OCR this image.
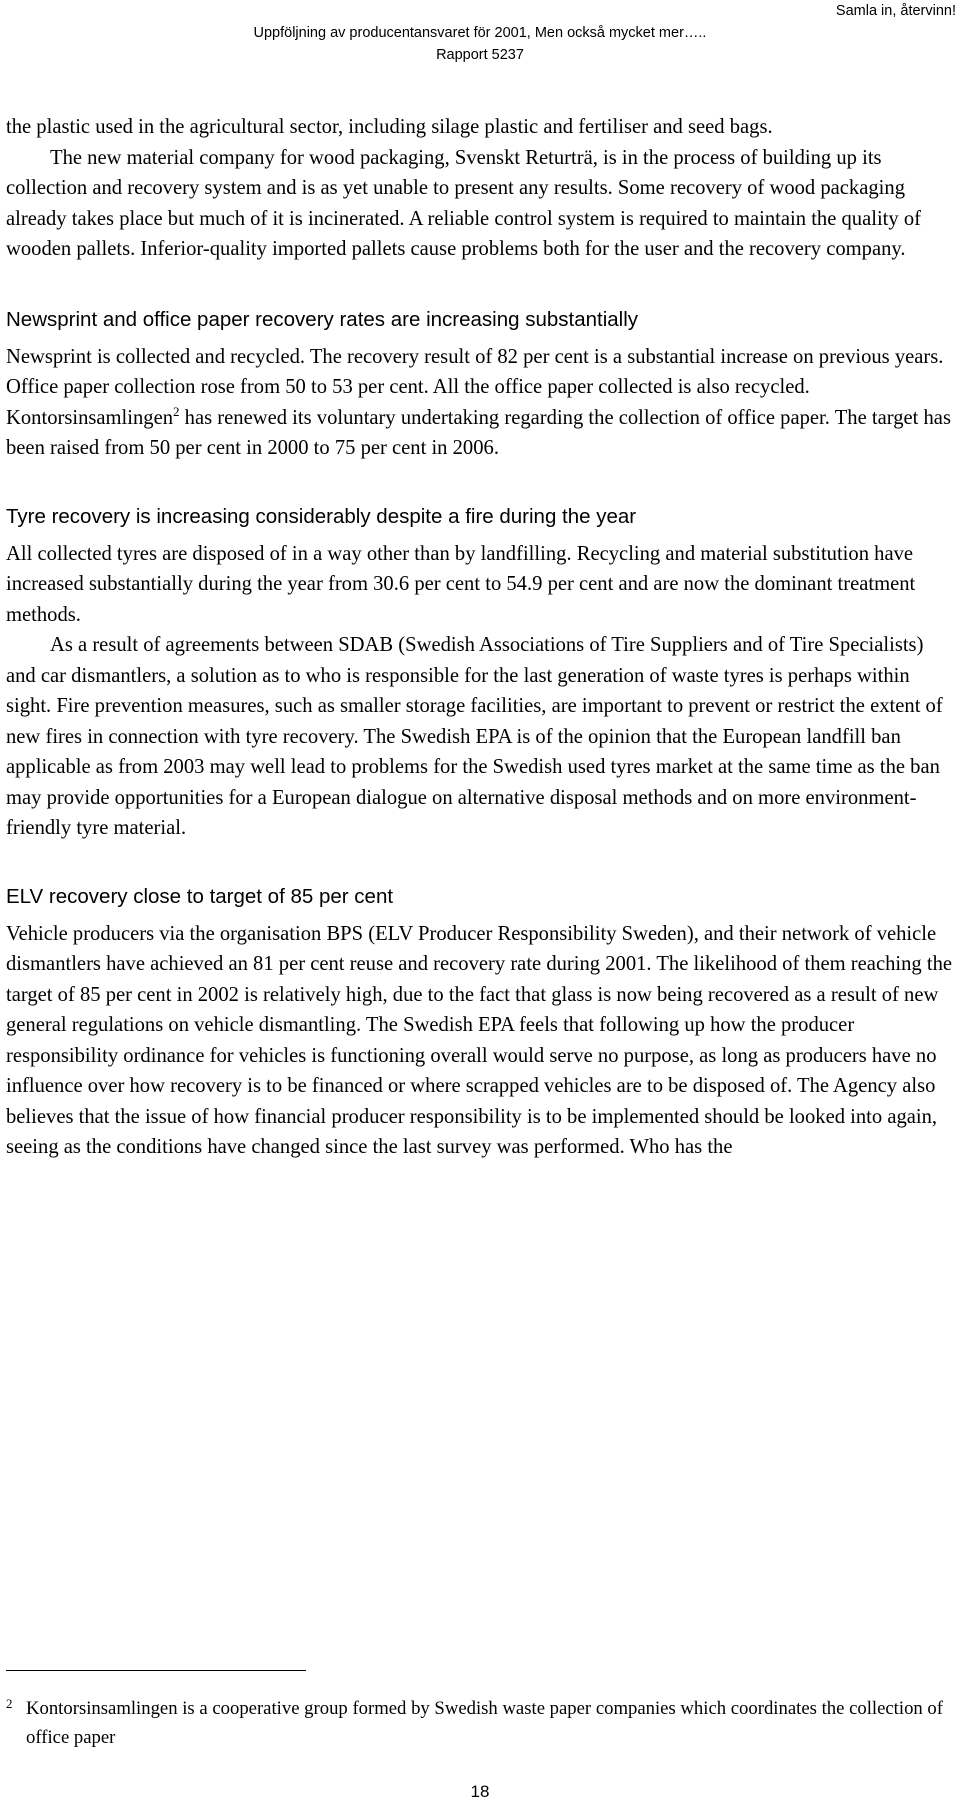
Samla in, återvinn!
Uppföljning av producentansvaret för 2001, Men också mycket mer…..
Rapport 5237

the plastic used in the agricultural sector, including silage plastic and fertiliser and seed bags.

The new material company for wood packaging, Svenskt Returträ, is in the process of building up its collection and recovery system and is as yet unable to present any results. Some recovery of wood packaging already takes place but much of it is incinerated. A reliable control system is required to maintain the quality of wooden pallets. Inferior-quality imported pallets cause problems both for the user and the recovery company.

Newsprint and office paper recovery rates are increasing substantially

Newsprint is collected and recycled. The recovery result of 82 per cent is a substantial increase on previous years. Office paper collection rose from 50 to 53 per cent. All the office paper collected is also recycled. Kontorsinsamlingen$^2$ has renewed its voluntary undertaking regarding the collection of office paper. The target has been raised from 50 per cent in 2000 to 75 per cent in 2006.

Tyre recovery is increasing considerably despite a fire during the year

All collected tyres are disposed of in a way other than by landfilling. Recycling and material substitution have increased substantially during the year from 30.6 per cent to 54.9 per cent and are now the dominant treatment methods.

As a result of agreements between SDAB (Swedish Associations of Tire Suppliers and of Tire Specialists) and car dismantlers, a solution as to who is responsible for the last generation of waste tyres is perhaps within sight. Fire prevention measures, such as smaller storage facilities, are important to prevent or restrict the extent of new fires in connection with tyre recovery. The Swedish EPA is of the opinion that the European landfill ban applicable as from 2003 may well lead to problems for the Swedish used tyres market at the same time as the ban may provide opportunities for a European dialogue on alternative disposal methods and on more environment-friendly tyre material.

ELV recovery close to target of 85 per cent

Vehicle producers via the organisation BPS (ELV Producer Responsibility Sweden), and their network of vehicle dismantlers have achieved an 81 per cent reuse and recovery rate during 2001. The likelihood of them reaching the target of 85 per cent in 2002 is relatively high, due to the fact that glass is now being recovered as a result of new general regulations on vehicle dismantling. The Swedish EPA feels that following up how the producer responsibility ordinance for vehicles is functioning overall would serve no purpose, as long as producers have no influence over how recovery is to be financed or where scrapped vehicles are to be disposed of. The Agency also believes that the issue of how financial producer responsibility is to be implemented should be looked into again, seeing as the conditions have changed since the last survey was performed. Who has the

2 Kontorsinsamlingen is a cooperative group formed by Swedish waste paper companies which coordinates the collection of office paper
18
